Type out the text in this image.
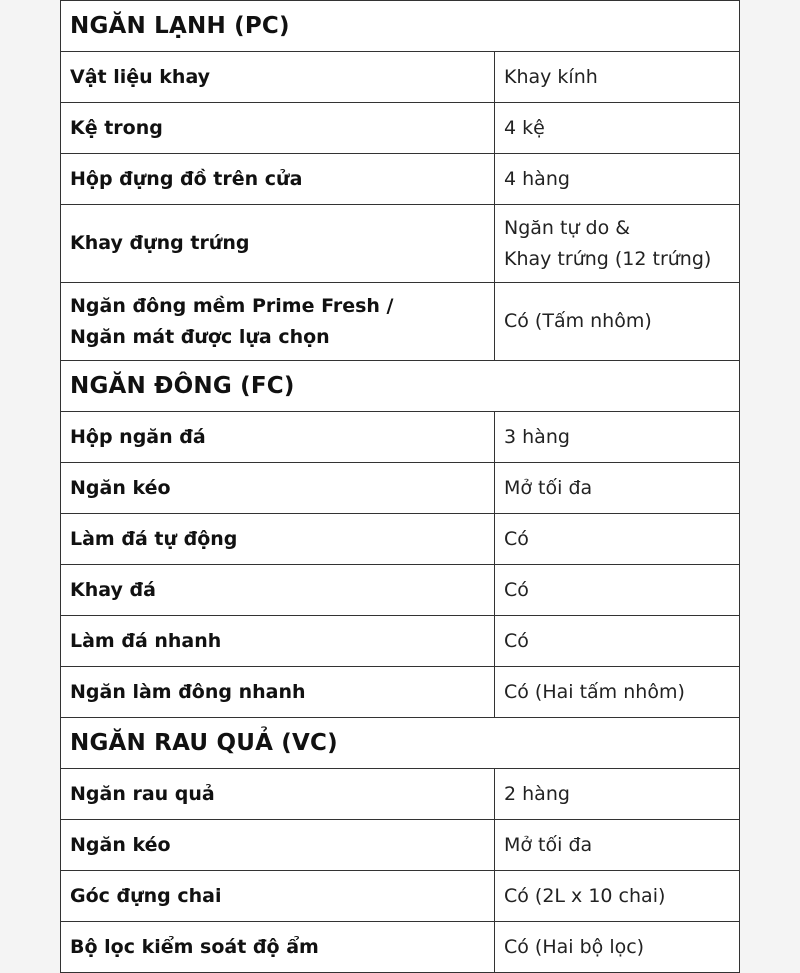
NGĂN LẠNH (PC)	

Vật liệu khay	Khay kính

Kệ trong	4 kệ

Hộp đựng đồ trên cửa	4 hàng

Khay đựng trứng	Ngăn tự do &
Khay trứng (12 trứng)

Ngăn đông mềm Prime Fresh /
Ngăn mát được lựa chọn	Có (Tấm nhôm)

NGĂN ĐÔNG (FC)	

Hộp ngăn đá	3 hàng

Ngăn kéo	Mở tối đa

Làm đá tự động	Có

Khay đá	Có

Làm đá nhanh	Có

Ngăn làm đông nhanh	Có (Hai tấm nhôm)

NGĂN RAU QUẢ (VC)	

Ngăn rau quả	2 hàng

Ngăn kéo	Mở tối đa

Góc đựng chai	Có (2L x 10 chai)

Bộ lọc kiểm soát độ ẩm	Có (Hai bộ lọc)
